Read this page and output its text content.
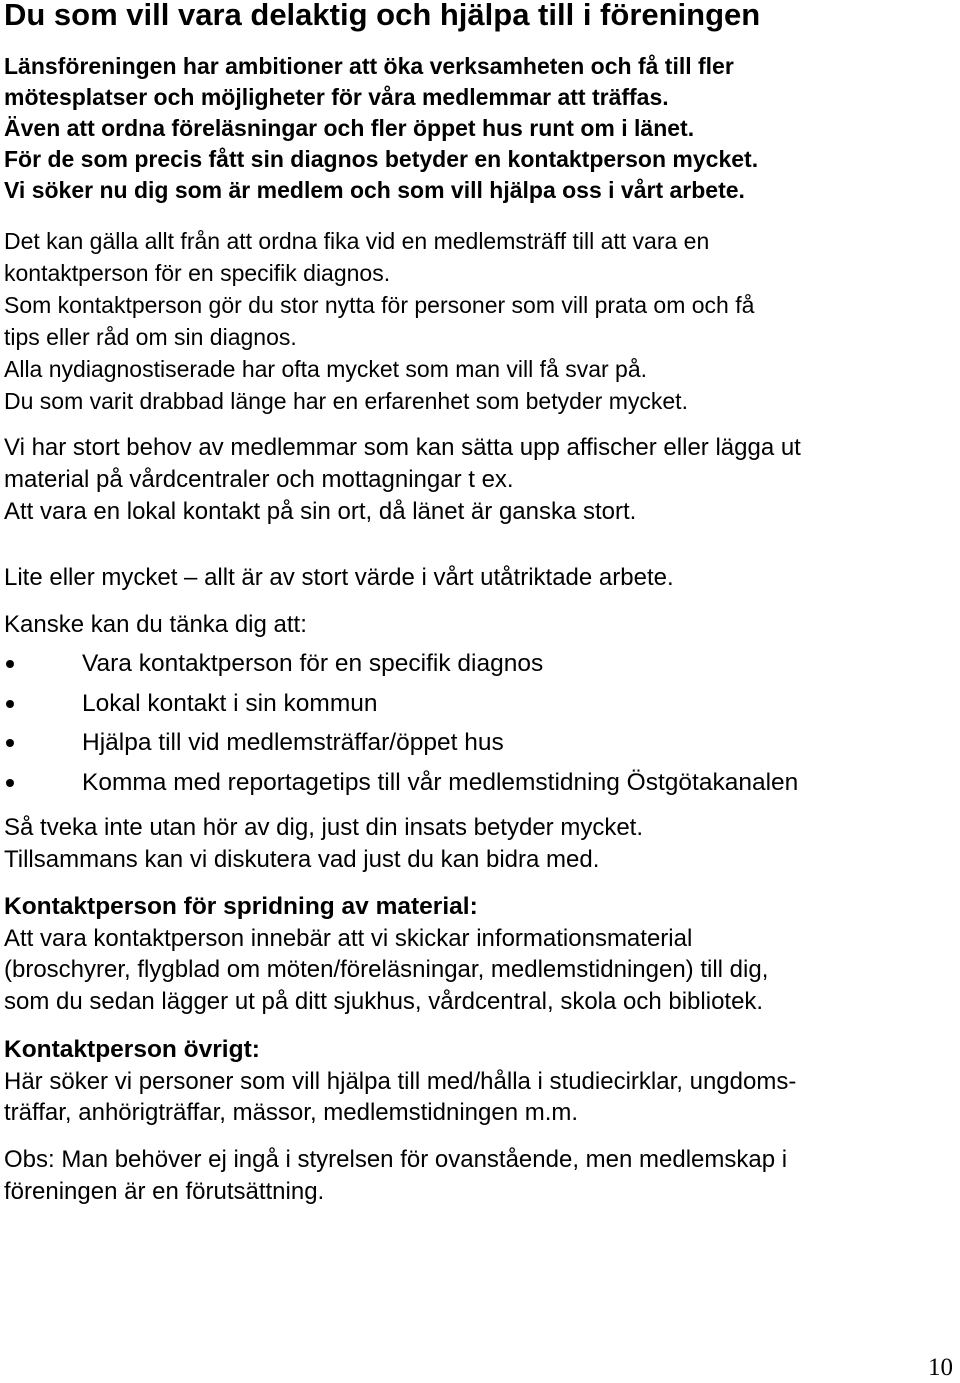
Du som vill vara delaktig och hjälpa till i föreningen

Länsföreningen har ambitioner att öka verksamheten och få till fler
mötesplatser och möjligheter för våra medlemmar att träffas.
Även att ordna föreläsningar och fler öppet hus runt om i länet.
För de som precis fått sin diagnos betyder en kontaktperson mycket.
Vi söker nu dig som är medlem och som vill hjälpa oss i vårt arbete.

Det kan gälla allt från att ordna fika vid en medlemsträff till att vara en
kontaktperson för en specifik diagnos.
Som kontaktperson gör du stor nytta för personer som vill prata om och få
tips eller råd om sin diagnos.
Alla nydiagnostiserade har ofta mycket som man vill få svar på.
Du som varit drabbad länge har en erfarenhet som betyder mycket.

Vi har stort behov av medlemmar som kan sätta upp affischer eller lägga ut
material på vårdcentraler och mottagningar t ex.
Att vara en lokal kontakt på sin ort, då länet är ganska stort.

Lite eller mycket – allt är av stort värde i vårt utåtriktade arbete.

Kanske kan du tänka dig att:

Vara kontaktperson för en specifik diagnos
Lokal kontakt i sin kommun
Hjälpa till vid medlemsträffar/öppet hus
Komma med reportagetips till vår medlemstidning Östgötakanalen

Så tveka inte utan hör av dig, just din insats betyder mycket.
Tillsammans kan vi diskutera vad just du kan bidra med.

Kontaktperson för spridning av material:
Att vara kontaktperson innebär att vi skickar informationsmaterial
(broschyrer, flygblad om möten/föreläsningar, medlemstidningen) till dig,
som du sedan lägger ut på ditt sjukhus, vårdcentral, skola och bibliotek.

Kontaktperson övrigt:
Här söker vi personer som vill hjälpa till med/hålla i studiecirklar, ungdoms-
träffar, anhörigträffar, mässor, medlemstidningen m.m.

Obs: Man behöver ej ingå i styrelsen för ovanstående, men medlemskap i
föreningen är en förutsättning.

10
